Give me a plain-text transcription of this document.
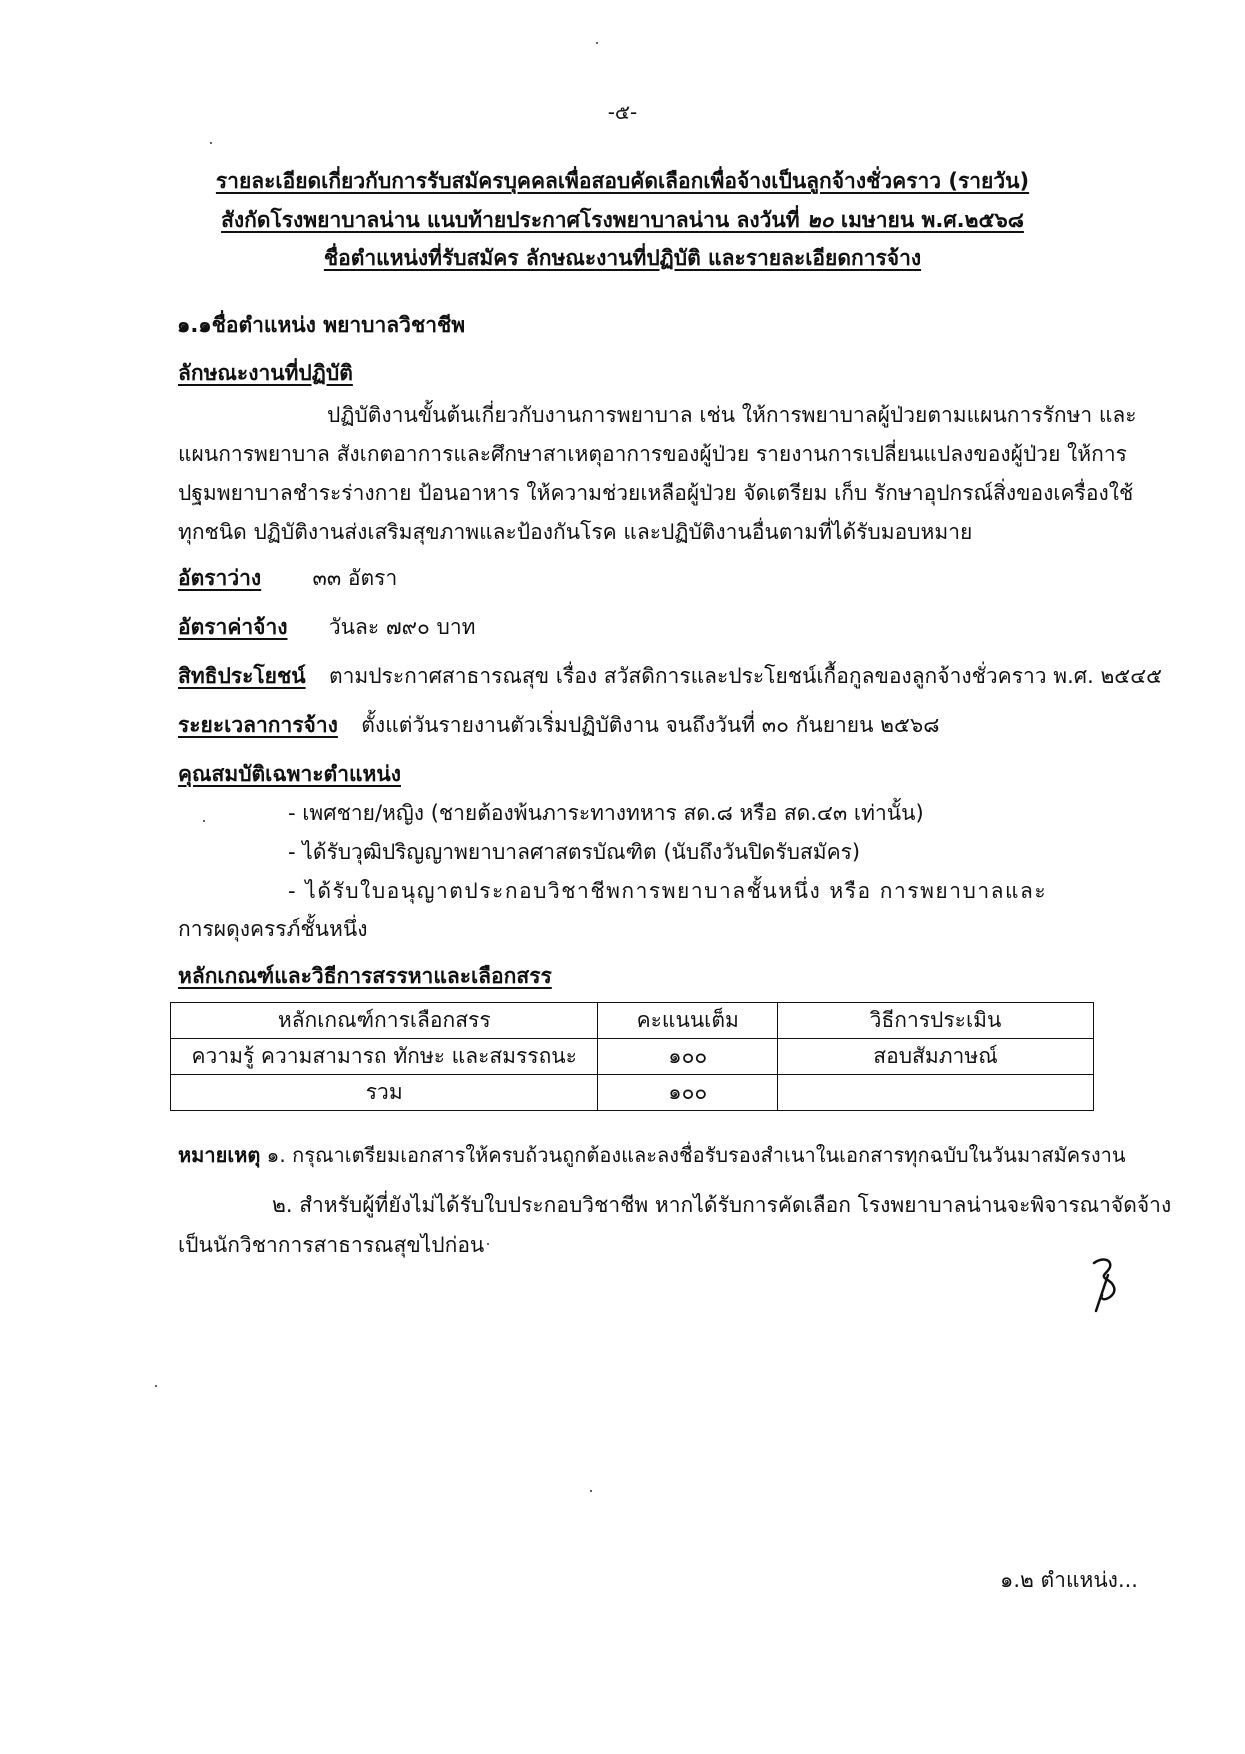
-๕-
รายละเอียดเกี่ยวกับการรับสมัครบุคคลเพื่อสอบคัดเลือกเพื่อจ้างเป็นลูกจ้างชั่วคราว (รายวัน)
สังกัดโรงพยาบาลน่าน แนบท้ายประกาศโรงพยาบาลน่าน ลงวันที่ ๒๐ เมษายน พ.ศ.๒๕๖๘
ชื่อตำแหน่งที่รับสมัคร ลักษณะงานที่ปฏิบัติ และรายละเอียดการจ้าง
๑.๑ชื่อตำแหน่ง พยาบาลวิชาชีพ
ลักษณะงานที่ปฏิบัติ
ปฏิบัติงานขั้นต้นเกี่ยวกับงานการพยาบาล เช่น ให้การพยาบาลผู้ป่วยตามแผนการรักษา และ
แผนการพยาบาล สังเกตอาการและศึกษาสาเหตุอาการของผู้ป่วย รายงานการเปลี่ยนแปลงของผู้ป่วย ให้การ
ปฐมพยาบาลชำระร่างกาย ป้อนอาหาร ให้ความช่วยเหลือผู้ป่วย จัดเตรียม เก็บ รักษาอุปกรณ์สิ่งของเครื่องใช้
ทุกชนิด ปฏิบัติงานส่งเสริมสุขภาพและป้องกันโรค และปฏิบัติงานอื่นตามที่ได้รับมอบหมาย
อัตราว่าง ๓๓ อัตรา
อัตราค่าจ้าง วันละ ๗๙๐ บาท
สิทธิประโยชน์ ตามประกาศสาธารณสุข เรื่อง สวัสดิการและประโยชน์เกื้อกูลของลูกจ้างชั่วคราว พ.ศ. ๒๕๔๕
ระยะเวลาการจ้าง ตั้งแต่วันรายงานตัวเริ่มปฏิบัติงาน จนถึงวันที่ ๓๐ กันยายน ๒๕๖๘
คุณสมบัติเฉพาะตำแหน่ง
- เพศชาย/หญิง (ชายต้องพ้นภาระทางทหาร สด.๘ หรือ สด.๔๓ เท่านั้น)
- ได้รับวุฒิปริญญาพยาบาลศาสตรบัณฑิต (นับถึงวันปิดรับสมัคร)
- ได้รับใบอนุญาตประกอบวิชาชีพการพยาบาลชั้นหนึ่ง หรือ การพยาบาลและ
การผดุงครรภ์ชั้นหนึ่ง
หลักเกณฑ์และวิธีการสรรหาและเลือกสรร
หลักเกณฑ์การเลือกสรร	คะแนนเต็ม	วิธีการประเมิน
ความรู้ ความสามารถ ทักษะ และสมรรถนะ	๑๐๐	สอบสัมภาษณ์
รวม	๑๐๐	
หมายเหตุ ๑. กรุณาเตรียมเอกสารให้ครบถ้วนถูกต้องและลงชื่อรับรองสำเนาในเอกสารทุกฉบับในวันมาสมัครงาน
๒. สำหรับผู้ที่ยังไม่ได้รับใบประกอบวิชาชีพ หากได้รับการคัดเลือก โรงพยาบาลน่านจะพิจารณาจัดจ้าง
เป็นนักวิชาการสาธารณสุขไปก่อน
๑.๒ ตำแหน่ง...
